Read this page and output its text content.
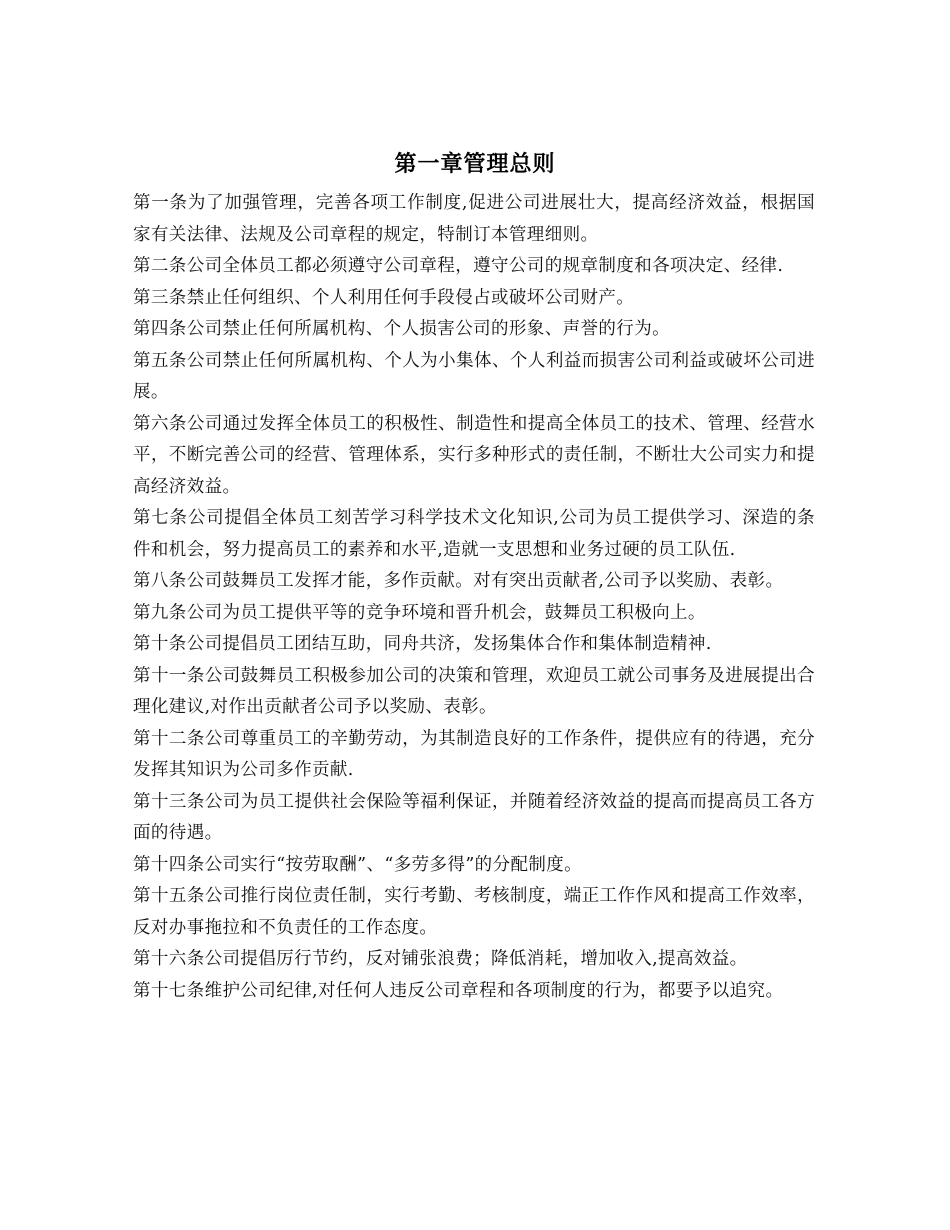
第一章管理总则

第一条为了加强管理，完善各项工作制度,促进公司进展壮大，提高经济效益，根据国家有关法律、法规及公司章程的规定，特制订本管理细则。

第二条公司全体员工都必须遵守公司章程，遵守公司的规章制度和各项决定、经律.

第三条禁止任何组织、个人利用任何手段侵占或破坏公司财产。

第四条公司禁止任何所属机构、个人损害公司的形象、声誉的行为。

第五条公司禁止任何所属机构、个人为小集体、个人利益而损害公司利益或破坏公司进展。

第六条公司通过发挥全体员工的积极性、制造性和提高全体员工的技术、管理、经营水平，不断完善公司的经营、管理体系，实行多种形式的责任制，不断壮大公司实力和提高经济效益。

第七条公司提倡全体员工刻苦学习科学技术文化知识,公司为员工提供学习、深造的条件和机会，努力提高员工的素养和水平,造就一支思想和业务过硬的员工队伍.

第八条公司鼓舞员工发挥才能，多作贡献。对有突出贡献者,公司予以奖励、表彰。

第九条公司为员工提供平等的竞争环境和晋升机会，鼓舞员工积极向上。

第十条公司提倡员工团结互助，同舟共济，发扬集体合作和集体制造精神.

第十一条公司鼓舞员工积极参加公司的决策和管理，欢迎员工就公司事务及进展提出合理化建议,对作出贡献者公司予以奖励、表彰。

第十二条公司尊重员工的辛勤劳动，为其制造良好的工作条件，提供应有的待遇，充分发挥其知识为公司多作贡献.

第十三条公司为员工提供社会保险等福利保证，并随着经济效益的提高而提高员工各方面的待遇。

第十四条公司实行“按劳取酬”、“多劳多得”的分配制度。

第十五条公司推行岗位责任制，实行考勤、考核制度，端正工作作风和提高工作效率，反对办事拖拉和不负责任的工作态度。

第十六条公司提倡厉行节约，反对铺张浪费；降低消耗，增加收入,提高效益。

第十七条维护公司纪律,对任何人违反公司章程和各项制度的行为，都要予以追究。
